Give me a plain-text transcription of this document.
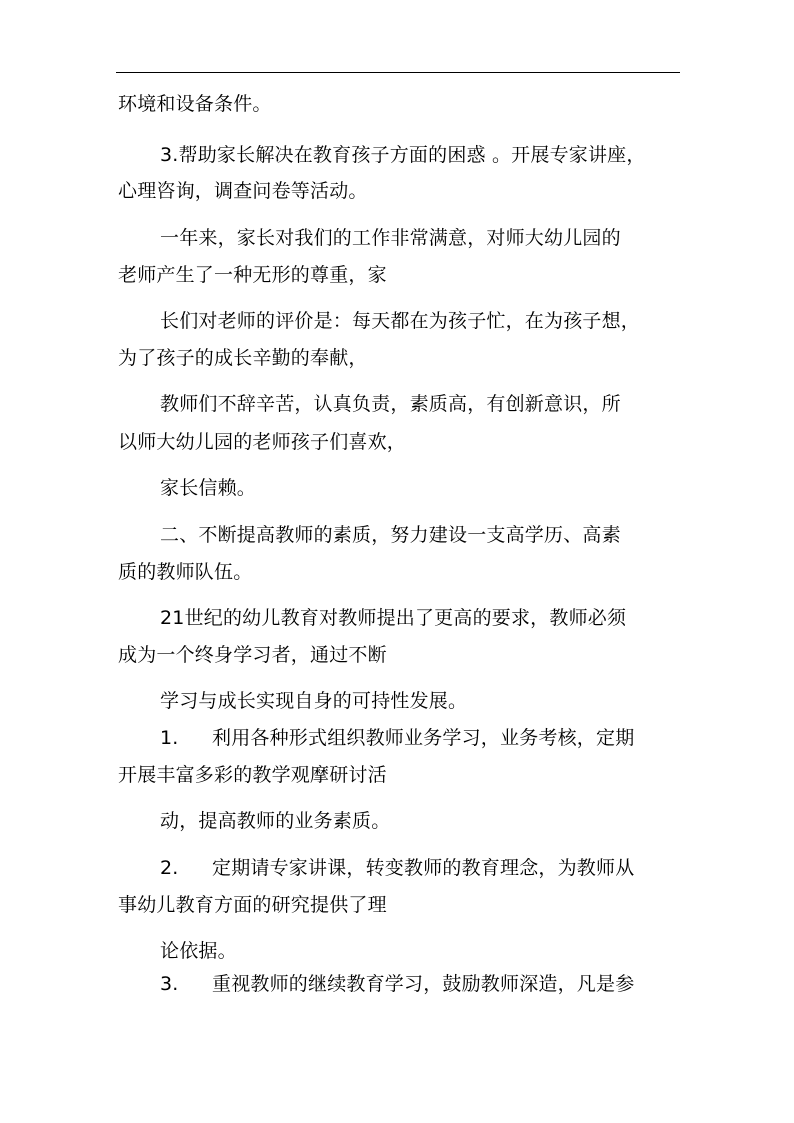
环境和设备条件。
3.帮助家长解决在教育孩子方面的困惑 。开展专家讲座，
心理咨询，调查问卷等活动。
一年来，家长对我们的工作非常满意，对师大幼儿园的
老师产生了一种无形的尊重，家
长们对老师的评价是：每天都在为孩子忙，在为孩子想，
为了孩子的成长辛勤的奉献，
教师们不辞辛苦，认真负责，素质高，有创新意识，所
以师大幼儿园的老师孩子们喜欢，
家长信赖。
二、不断提高教师的素质，努力建设一支高学历、高素
质的教师队伍。
21世纪的幼儿教育对教师提出了更高的要求，教师必须
成为一个终身学习者，通过不断
学习与成长实现自身的可持性发展。
1. 利用各种形式组织教师业务学习，业务考核，定期
开展丰富多彩的教学观摩研讨活
动，提高教师的业务素质。
2. 定期请专家讲课，转变教师的教育理念，为教师从
事幼儿教育方面的研究提供了理
论依据。
3. 重视教师的继续教育学习，鼓励教师深造，凡是参
